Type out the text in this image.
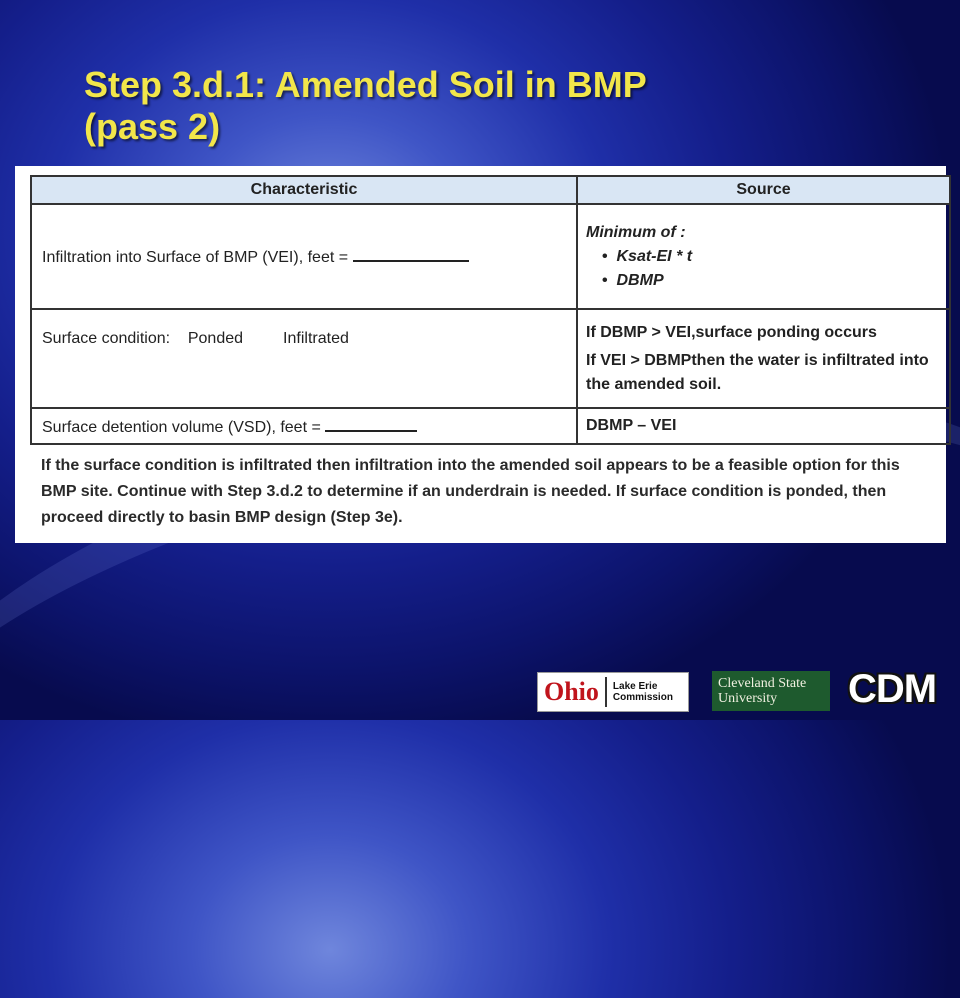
Step 3.d.1: Amended Soil in BMP
(pass 2)
Characteristic	Source
Infiltration into Surface of BMP (VEI), feet =	Minimum of :
•  Ksat-EI * t
•  DBMP

Surface condition: Ponded Infiltrated	If DBMP > VEI,surface ponding occurs
If VEI > DBMPthen the water is infiltrated into the amended soil.

Surface detention volume (VSD), feet =	DBMP – VEI
If the surface condition is infiltrated then infiltration into the amended soil appears to be a feasible option for this BMP site. Continue with Step 3.d.2 to determine if an underdrain is needed. If surface condition is ponded, then proceed directly to basin BMP design (Step 3e).
Ohio	Lake Erie
Commission
Cleveland State
University	CDM
